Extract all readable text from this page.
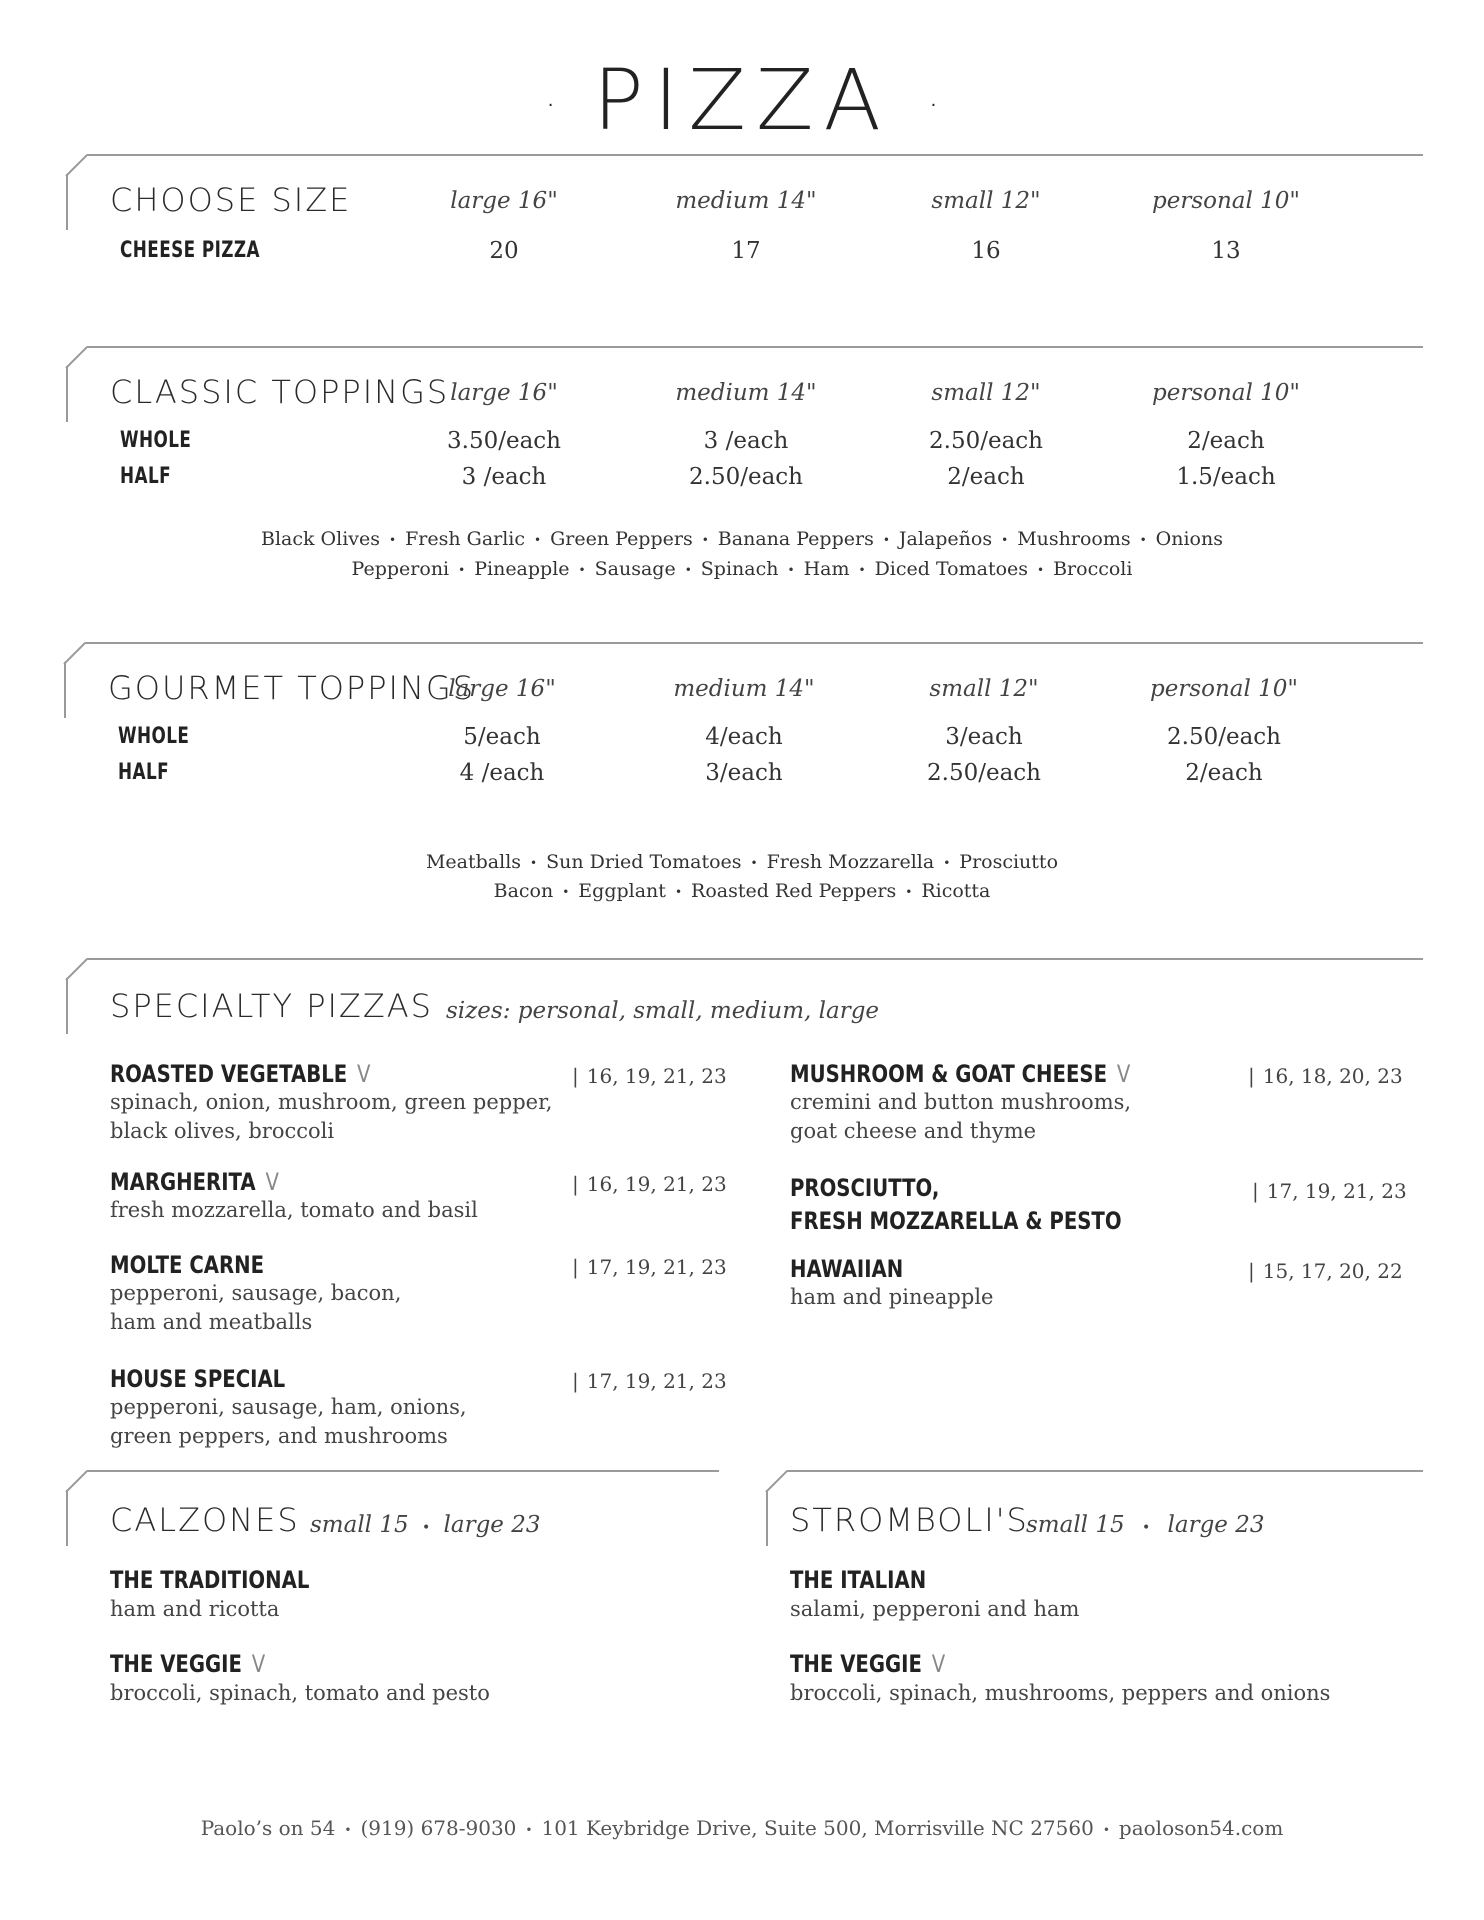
· PIZZA ·
CHOOSE SIZE	large 16"	medium 14"	small 12"	personal 10"
CHEESE PIZZA	20	17	16	13
CLASSIC TOPPINGS large 16"	medium 14"	small 12"	personal 10"
WHOLE	3.50/each	3 /each	2.50/each	2/each
HALF	3 /each	2.50/each	2/each	1.5/each
Black Olives • Fresh Garlic • Green Peppers • Banana Peppers • Jalapeños • Mushrooms • Onions
Pepperoni • Pineapple • Sausage • Spinach • Ham • Diced Tomatoes • Broccoli
GOURMET TOPPINGS
large 16"	medium 14"	small 12"	personal 10"
WHOLE	5/each	4/each	3/each	2.50/each
HALF	4 /each	3/each	2.50/each	2/each
Meatballs • Sun Dried Tomatoes • Fresh Mozzarella • Prosciutto
Bacon • Eggplant • Roasted Red Peppers • Ricotta
SPECIALTY PIZZAS sizes: personal, small, medium, large
ROASTED VEGETABLE V	| 16, 19, 21, 23
spinach, onion, mushroom, green pepper,
black olives, broccoli
MARGHERITA V	| 16, 19, 21, 23
fresh mozzarella, tomato and basil
MOLTE CARNE	| 17, 19, 21, 23
pepperoni, sausage, bacon,
ham and meatballs
HOUSE SPECIAL	| 17, 19, 21, 23
pepperoni, sausage, ham, onions,
green peppers, and mushrooms
MUSHROOM & GOAT CHEESE V	| 16, 18, 20, 23
cremini and button mushrooms,
goat cheese and thyme
PROSCIUTTO,
FRESH MOZZARELLA & PESTO
| 17, 19, 21, 23
HAWAIIAN	| 15, 17, 20, 22
ham and pineapple
CALZONES small 15 • large 23
THE TRADITIONAL
ham and ricotta
THE VEGGIE V
broccoli, spinach, tomato and pesto
STROMBOLI'S
small 15 • large 23
THE ITALIAN
salami, pepperoni and ham
THE VEGGIE V
broccoli, spinach, mushrooms, peppers and onions
Paolo’s on 54 • (919) 678-9030 • 101 Keybridge Drive, Suite 500, Morrisville NC 27560 • paoloson54.com
